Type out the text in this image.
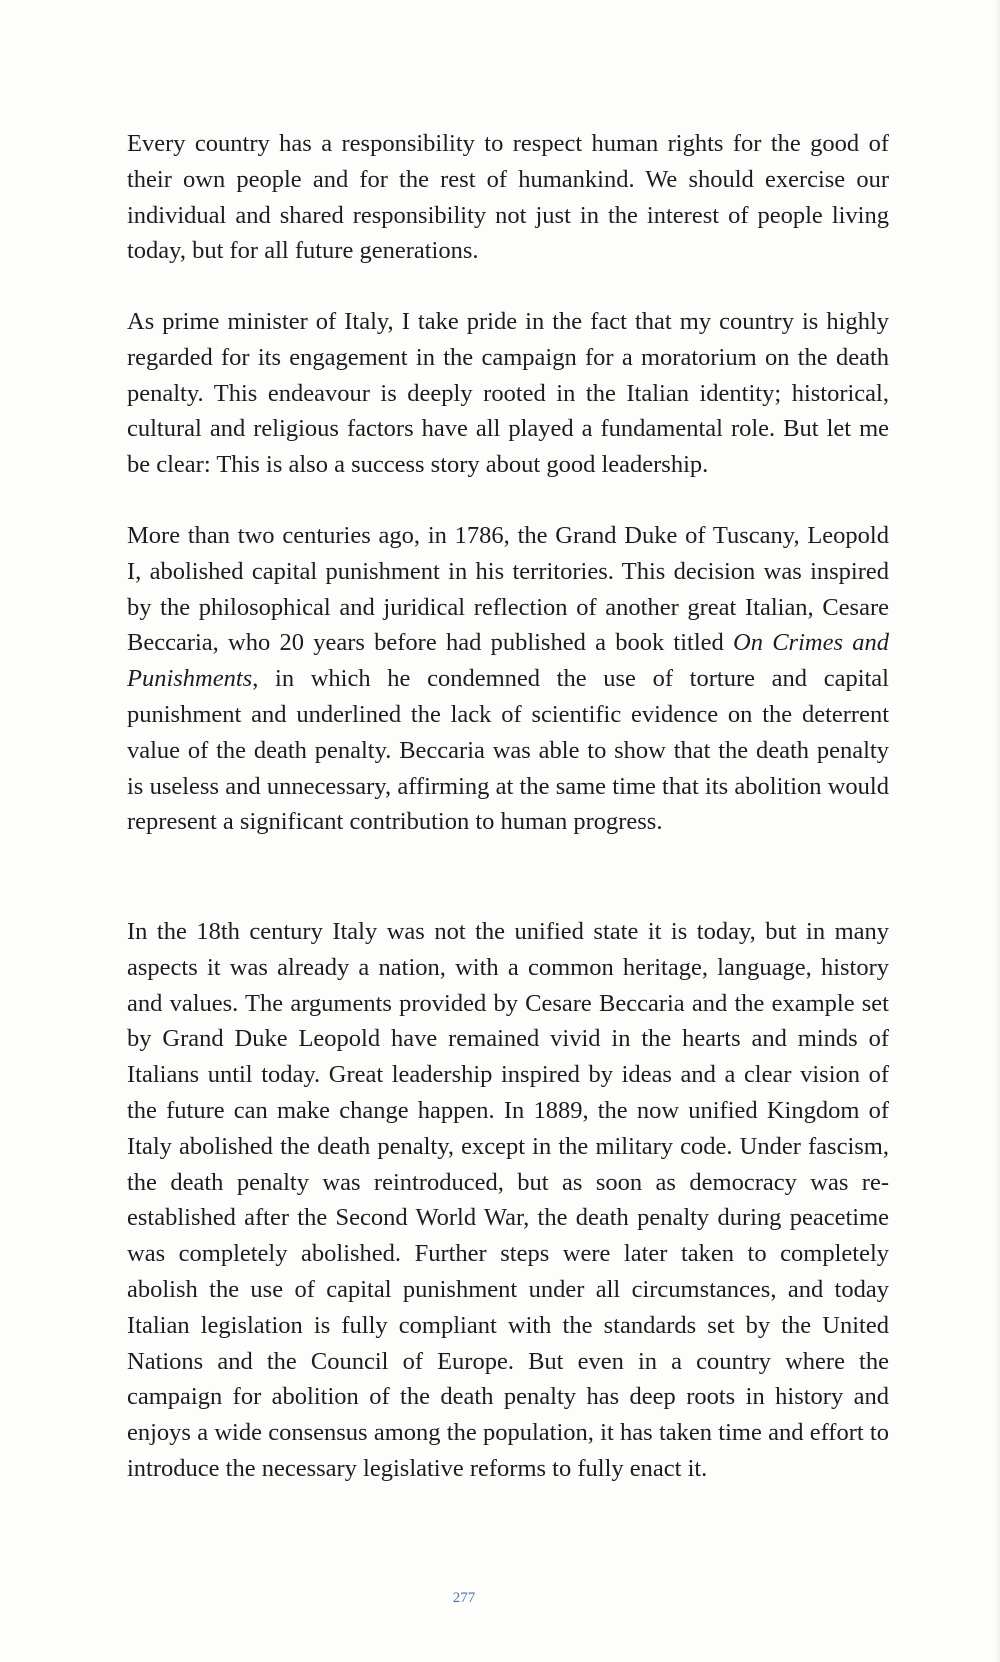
Every country has a responsibility to respect human rights for the good of their own people and for the rest of humankind. We should exercise our individual and shared responsibility not just in the interest of people living today, but for all future generations.

As prime minister of Italy, I take pride in the fact that my country is highly regarded for its engagement in the campaign for a moratorium on the death penalty. This endeavour is deeply rooted in the Italian identity; historical, cultural and religious factors have all played a fundamental role. But let me be clear: This is also a success story about good leadership.

More than two centuries ago, in 1786, the Grand Duke of Tuscany, Leopold I, abolished capital punishment in his territories. This decision was inspired by the philosophical and juridical reflection of another great Italian, Cesare Beccaria, who 20 years before had published a book titled On Crimes and Punishments, in which he condemned the use of torture and capital punishment and underlined the lack of scientific evidence on the deterrent value of the death penalty. Beccaria was able to show that the death penalty is useless and unnecessary, affirming at the same time that its abolition would represent a significant contribution to human progress.

In the 18th century Italy was not the unified state it is today, but in many aspects it was already a nation, with a common heritage, language, history and values. The arguments provided by Cesare Beccaria and the example set by Grand Duke Leopold have remained vivid in the hearts and minds of Italians until today. Great leadership inspired by ideas and a clear vision of the future can make change happen. In 1889, the now unified Kingdom of Italy abolished the death penalty, except in the military code. Under fascism, the death penalty was reintroduced, but as soon as democracy was re-established after the Second World War, the death penalty during peacetime was completely abolished. Further steps were later taken to completely abolish the use of capital punishment under all circumstances, and today Italian legislation is fully compliant with the standards set by the United Nations and the Council of Europe. But even in a country where the campaign for abolition of the death penalty has deep roots in history and enjoys a wide consensus among the population, it has taken time and effort to introduce the necessary legislative reforms to fully enact it.

277
